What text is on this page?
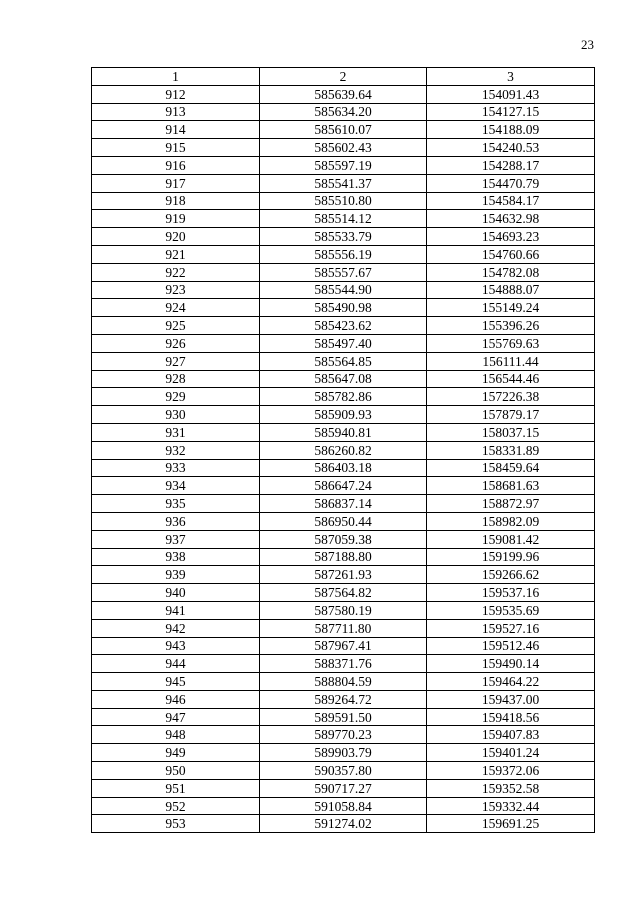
23
1	2	3
912	585639.64	154091.43
913	585634.20	154127.15
914	585610.07	154188.09
915	585602.43	154240.53
916	585597.19	154288.17
917	585541.37	154470.79
918	585510.80	154584.17
919	585514.12	154632.98
920	585533.79	154693.23
921	585556.19	154760.66
922	585557.67	154782.08
923	585544.90	154888.07
924	585490.98	155149.24
925	585423.62	155396.26
926	585497.40	155769.63
927	585564.85	156111.44
928	585647.08	156544.46
929	585782.86	157226.38
930	585909.93	157879.17
931	585940.81	158037.15
932	586260.82	158331.89
933	586403.18	158459.64
934	586647.24	158681.63
935	586837.14	158872.97
936	586950.44	158982.09
937	587059.38	159081.42
938	587188.80	159199.96
939	587261.93	159266.62
940	587564.82	159537.16
941	587580.19	159535.69
942	587711.80	159527.16
943	587967.41	159512.46
944	588371.76	159490.14
945	588804.59	159464.22
946	589264.72	159437.00
947	589591.50	159418.56
948	589770.23	159407.83
949	589903.79	159401.24
950	590357.80	159372.06
951	590717.27	159352.58
952	591058.84	159332.44
953	591274.02	159691.25
